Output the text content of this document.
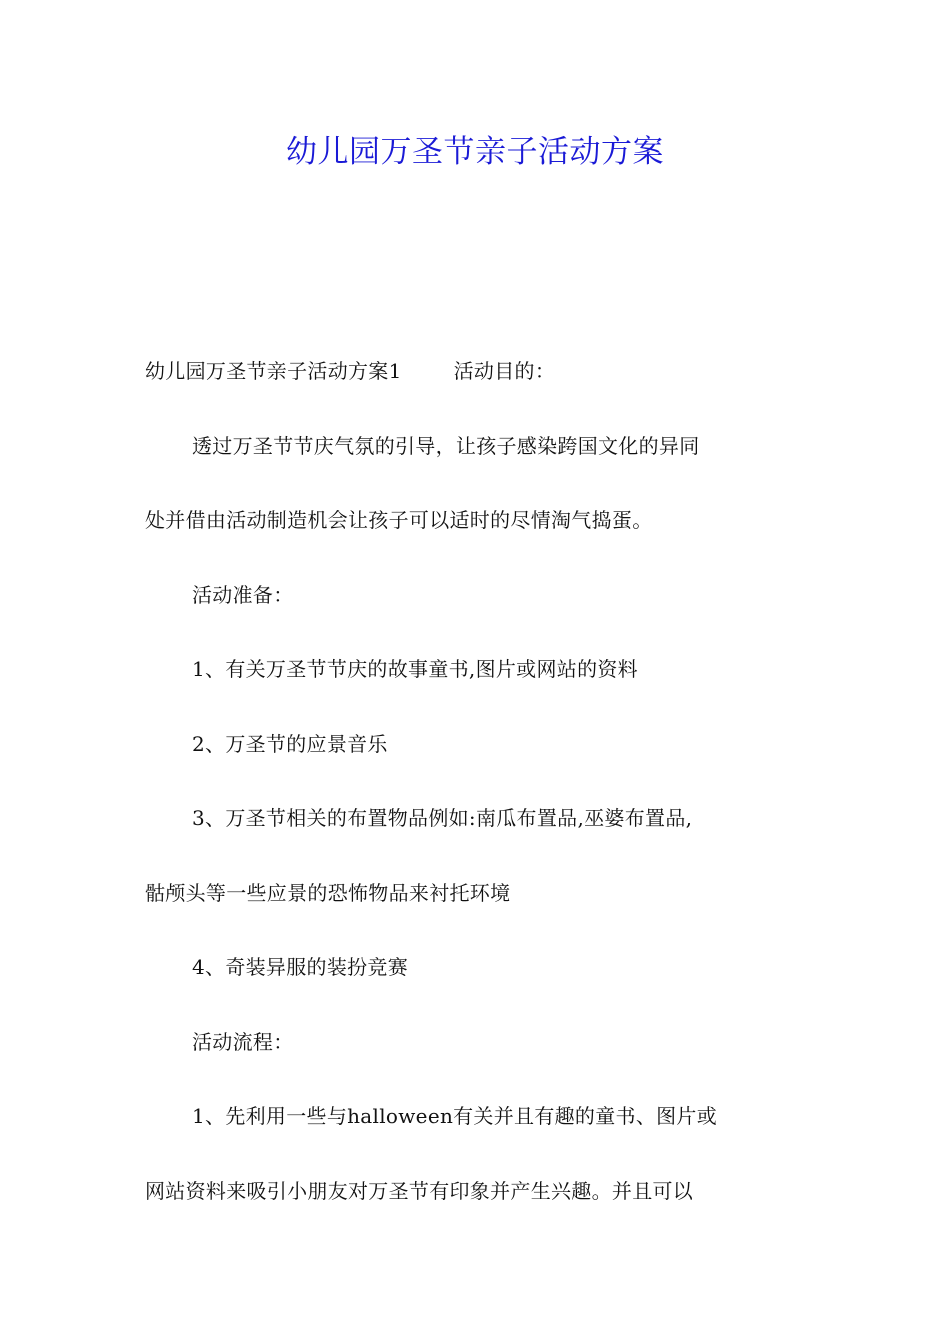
幼儿园万圣节亲子活动方案

幼儿园万圣节亲子活动方案1	活动目的：

透过万圣节节庆气氛的引导，让孩子感染跨国文化的异同

处并借由活动制造机会让孩子可以适时的尽情淘气捣蛋。

活动准备：

1、有关万圣节节庆的故事童书,图片或网站的资料

2、万圣节的应景音乐

3、万圣节相关的布置物品例如:南瓜布置品,巫婆布置品,

骷颅头等一些应景的恐怖物品来衬托环境

4、奇装异服的装扮竞赛

活动流程：

1、先利用一些与halloween有关并且有趣的童书、图片或

网站资料来吸引小朋友对万圣节有印象并产生兴趣。并且可以
